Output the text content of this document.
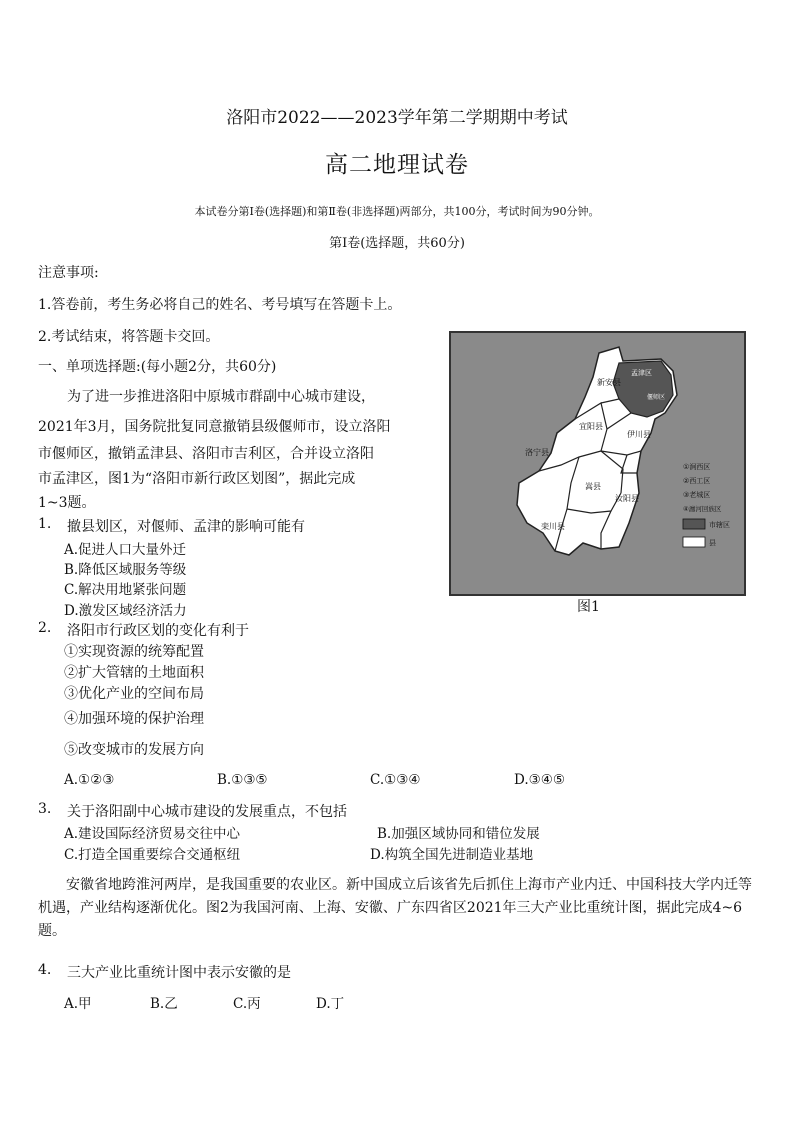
洛阳市2022——2023学年第二学期期中考试
高二地理试卷
本试卷分第Ⅰ卷(选择题)和第Ⅱ卷(非选择题)两部分，共100分，考试时间为90分钟。
第Ⅰ卷(选择题，共60分)
注意事项:
1.答卷前，考生务必将自己的姓名、考号填写在答题卡上。
2.考试结束，将答题卡交回。
一、单项选择题:(每小题2分，共60分)
为了进一步推进洛阳中原城市群副中心城市建设，
2021年3月，国务院批复同意撤销县级偃师市，设立洛阳
市偃师区，撤销孟津县、洛阳市吉利区，合并设立洛阳
市孟津区，图1为“洛阳市新行政区划图”，据此完成
1~3题。
新安县
孟津区
宜阳县
伊川县
洛宁县
嵩县
栾川县
汝阳县
偃师区
①涧西区
②西工区
③老城区
④瀍河回族区
市辖区
县
图1
1. 撤县划区，对偃师、孟津的影响可能有
A.促进人口大量外迁
B.降低区域服务等级
C.解决用地紧张问题
D.激发区域经济活力
2. 洛阳市行政区划的变化有利于
①实现资源的统筹配置
②扩大管辖的土地面积
③优化产业的空间布局
④加强环境的保护治理
⑤改变城市的发展方向
A.①②③	B.①③⑤	C.①③④	D.③④⑤
3. 关于洛阳副中心城市建设的发展重点，不包括
A.建设国际经济贸易交往中心	B.加强区域协同和错位发展
C.打造全国重要综合交通枢纽	D.构筑全国先进制造业基地
安徽省地跨淮河两岸，是我国重要的农业区。新中国成立后该省先后抓住上海市产业内迁、中国科技大学内迁等机遇，产业结构逐渐优化。图2为我国河南、上海、安徽、广东四省区2021年三大产业比重统计图，据此完成4~6题。
4. 三大产业比重统计图中表示安徽的是
A.甲	B.乙	C.丙	D.丁
